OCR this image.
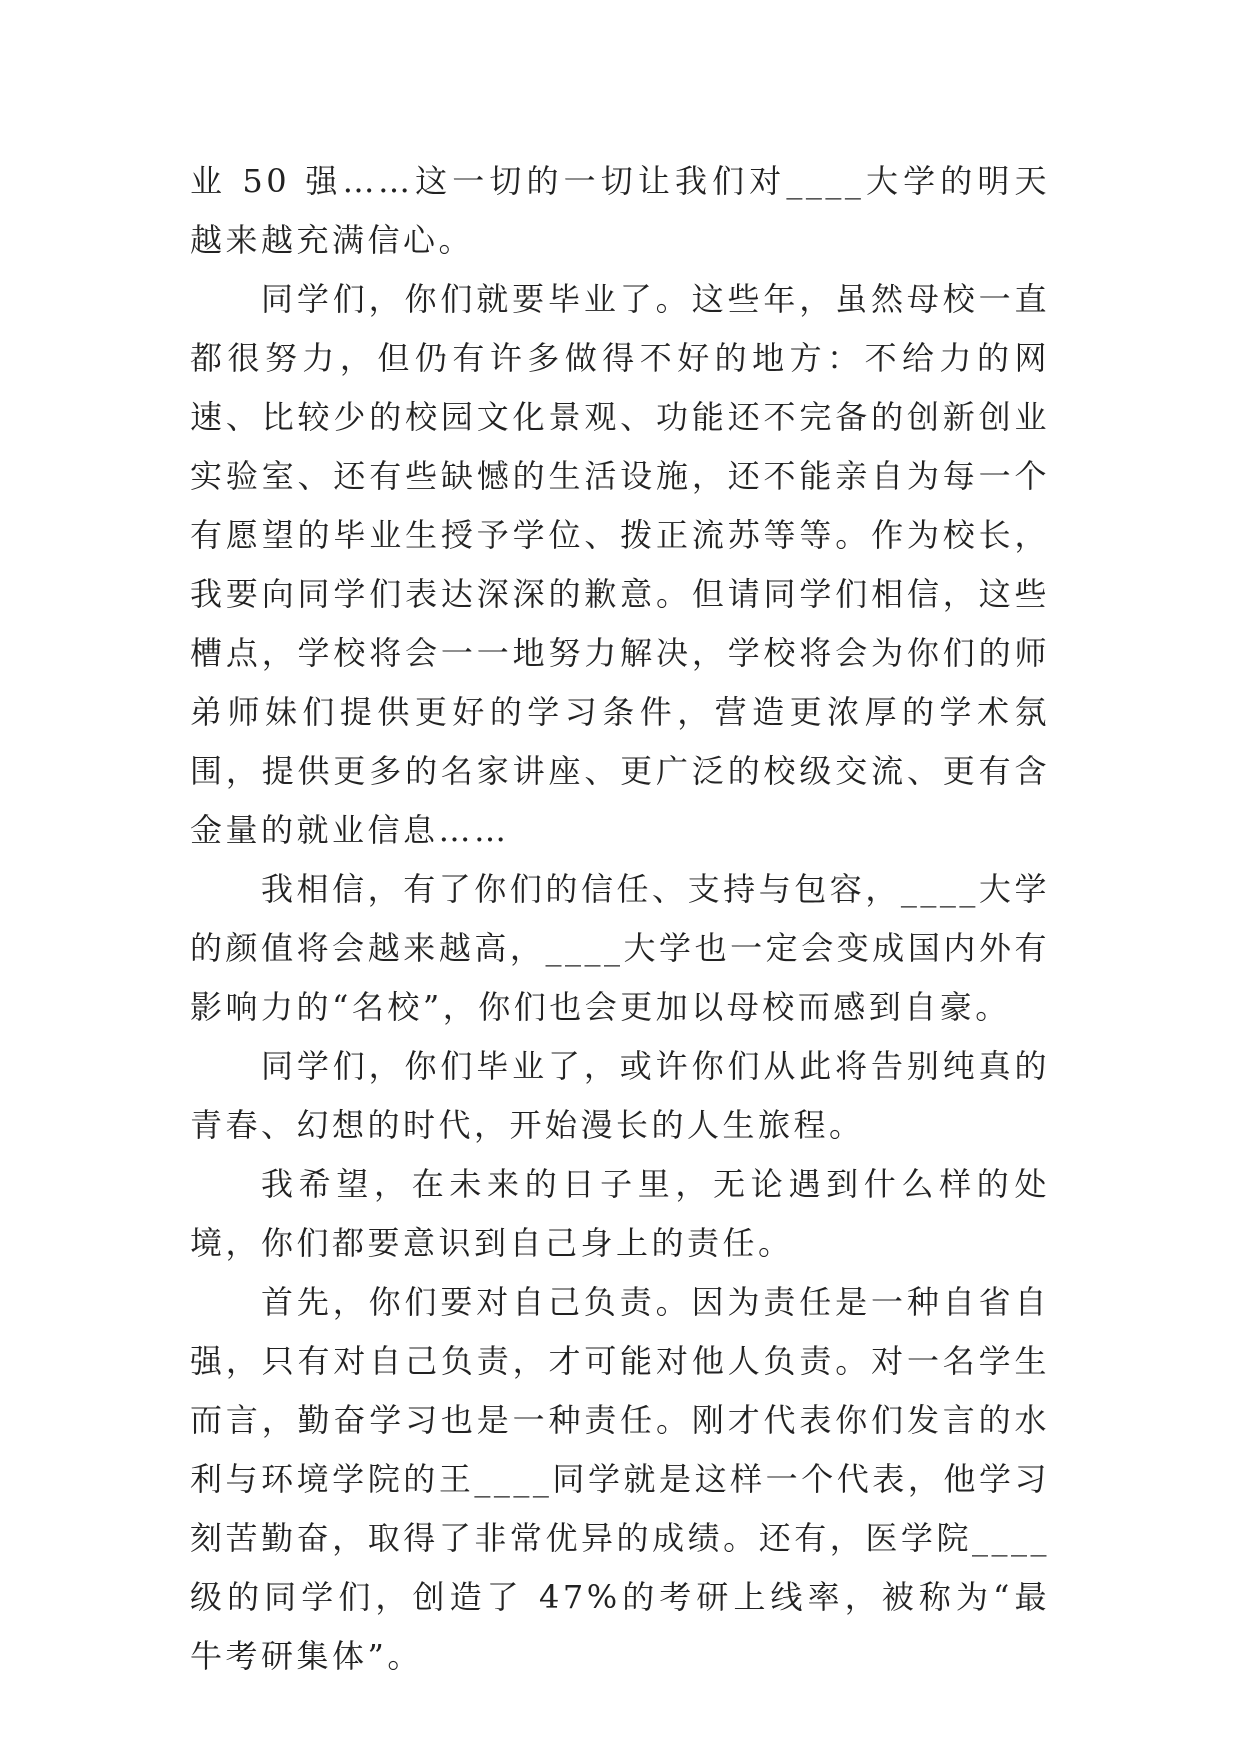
业 50 强……这一切的一切让我们对____大学的明天越来越充满信心。

同学们，你们就要毕业了。这些年，虽然母校一直都很努力，但仍有许多做得不好的地方：不给力的网速、比较少的校园文化景观、功能还不完备的创新创业实验室、还有些缺憾的生活设施，还不能亲自为每一个有愿望的毕业生授予学位、拨正流苏等等。作为校长，我要向同学们表达深深的歉意。但请同学们相信，这些槽点，学校将会一一地努力解决，学校将会为你们的师弟师妹们提供更好的学习条件，营造更浓厚的学术氛围，提供更多的名家讲座、更广泛的校级交流、更有含金量的就业信息……

我相信，有了你们的信任、支持与包容，____大学的颜值将会越来越高，____大学也一定会变成国内外有影响力的“名校”，你们也会更加以母校而感到自豪。

同学们，你们毕业了，或许你们从此将告别纯真的青春、幻想的时代，开始漫长的人生旅程。

我希望，在未来的日子里，无论遇到什么样的处境，你们都要意识到自己身上的责任。

首先，你们要对自己负责。因为责任是一种自省自强，只有对自己负责，才可能对他人负责。对一名学生而言，勤奋学习也是一种责任。刚才代表你们发言的水利与环境学院的王____同学就是这样一个代表，他学习刻苦勤奋，取得了非常优异的成绩。还有，医学院____级的同学们，创造了 47%的考研上线率，被称为“最牛考研集体”。
